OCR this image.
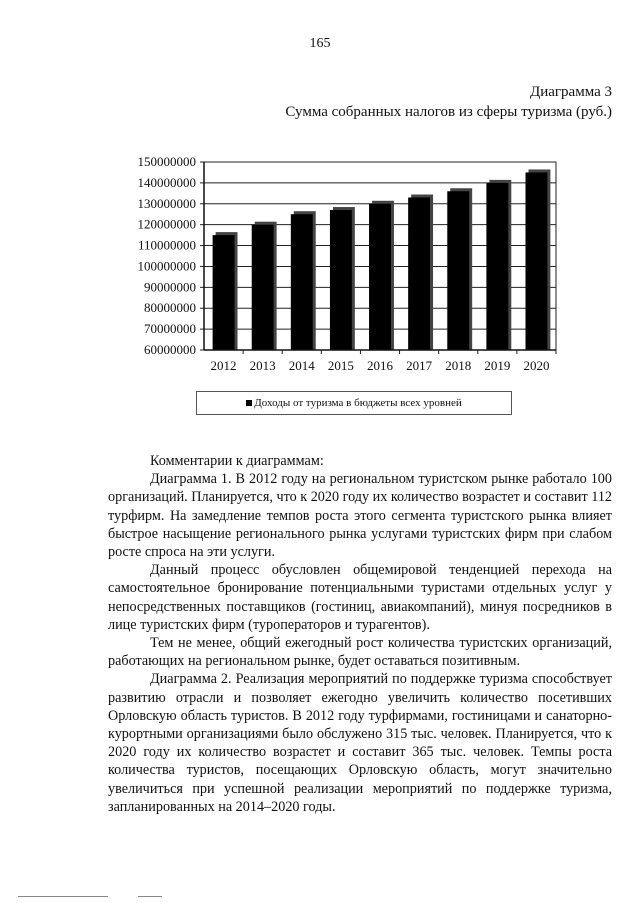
165
Диаграмма 3
Сумма собранных налогов из сферы туризма (руб.)
60000000
70000000
80000000
90000000
100000000
110000000
120000000
130000000
140000000
150000000
2012 2013 2014 2015 2016 2017 2018 2019 2020
Доходы от туризма в бюджеты всех уровней

Комментарии к диаграммам:

Диаграмма 1. В 2012 году на региональном туристском рынке работало 100 организаций. Планируется, что к 2020 году их количество возрастет и составит 112 турфирм. На замедление темпов роста этого сегмента туристского рынка влияет быстрое насыщение регионального рынка услугами туристских фирм при слабом росте спроса на эти услуги.

Данный процесс обусловлен общемировой тенденцией перехода на самостоятельное бронирование потенциальными туристами отдельных услуг у непосредственных поставщиков (гостиниц, авиакомпаний), минуя посредников в лице туристских фирм (туроператоров и турагентов).

Тем не менее, общий ежегодный рост количества туристских организаций, работающих на региональном рынке, будет оставаться позитивным.

Диаграмма 2. Реализация мероприятий по поддержке туризма способствует развитию отрасли и позволяет ежегодно увеличить количество посетивших Орловскую область туристов. В 2012 году турфирмами, гостиницами и санаторно-курортными организациями было обслужено 315 тыс. человек. Планируется, что к 2020 году их количество возрастет и составит 365 тыс. человек. Темпы роста количества туристов, посещающих Орловскую область, могут значительно увеличиться при успешной реализации мероприятий по поддержке туризма, запланированных на 2014–2020 годы.
